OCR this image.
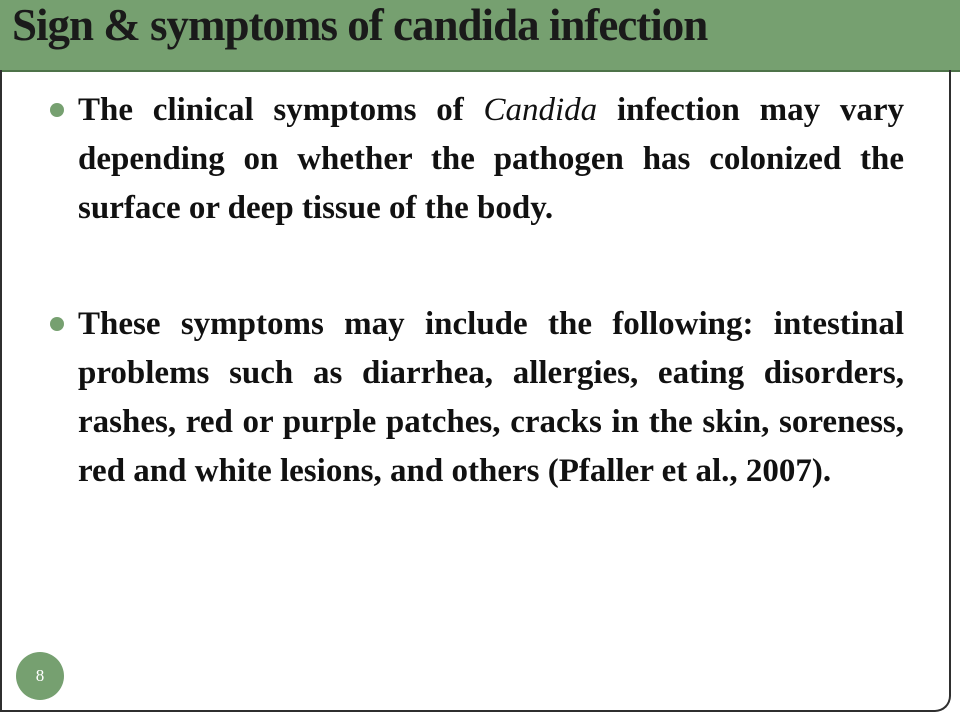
Sign & symptoms of candida infection
The clinical symptoms of Candida infection may vary depending on whether the pathogen has colonized the surface or deep tissue of the body.
These symptoms may include the following: intestinal problems such as diarrhea, allergies, eating disorders, rashes, red or purple patches, cracks in the skin, soreness, red and white lesions, and others (Pfaller et al., 2007).
8
